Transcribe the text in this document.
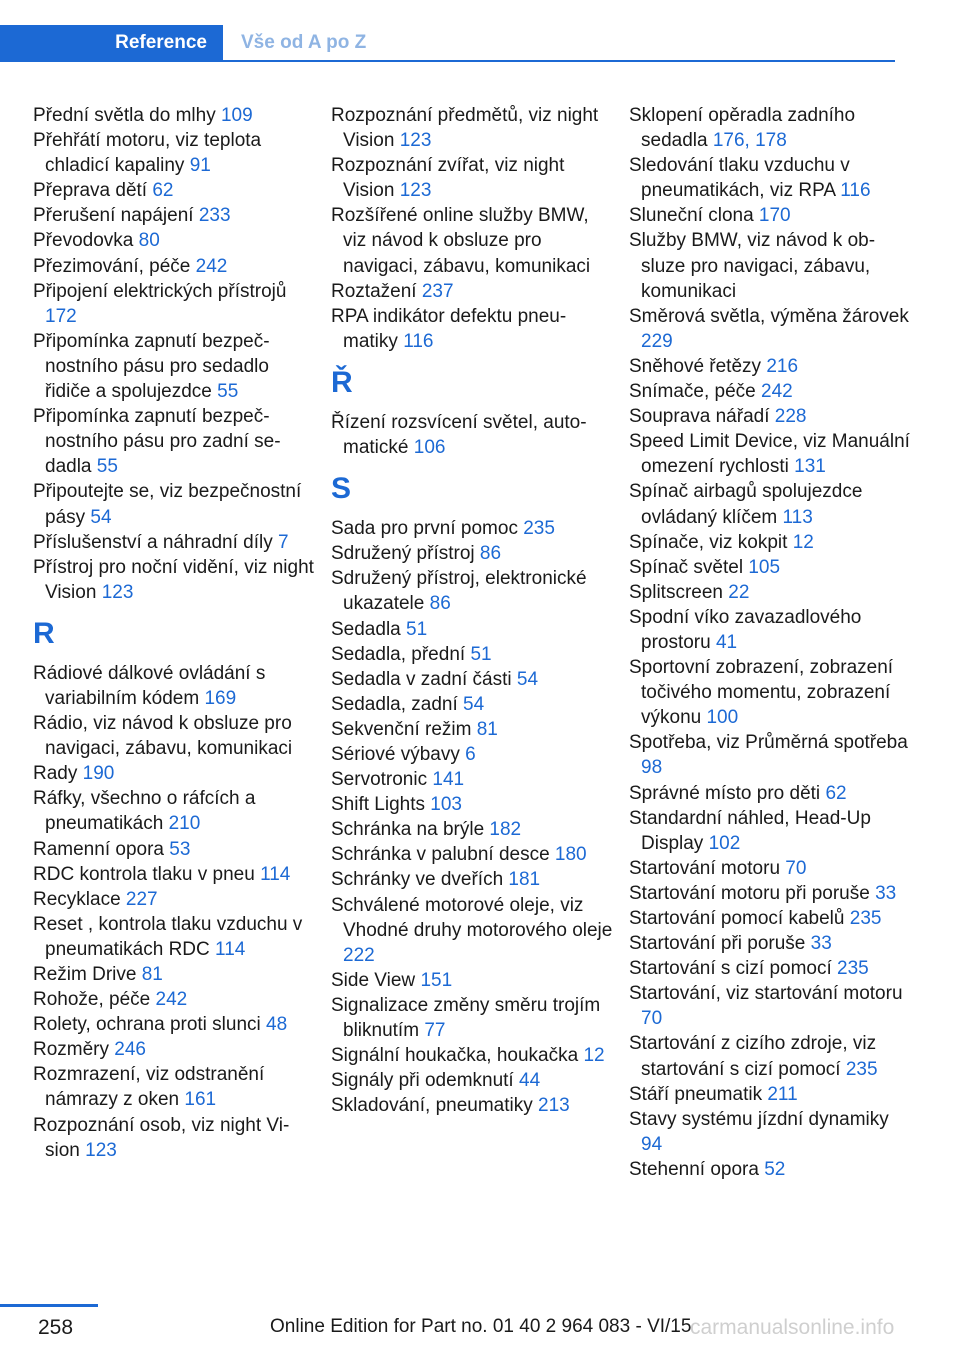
Reference	Vše od A po Z
Přední světla do mlhy 109
Přehřátí motoru, viz teplota chladicí kapaliny 91
Přeprava dětí 62
Přerušení napájení 233
Převodovka 80
Přezimování, péče 242
Připojení elektrických přístrojů 172
Připomínka zapnutí bezpečnostního pásu pro sedadlo řidiče a spolujezdce 55
Připomínka zapnutí bezpečnostního pásu pro zadní sedadla 55
Připoutejte se, viz bezpečnostní pásy 54
Příslušenství a náhradní díly 7
Přístroj pro noční vidění, viz night Vision 123
R
Rádiové dálkové ovládání s variabilním kódem 169
Rádio, viz návod k obsluze pro navigaci, zábavu, komunikaci
Rady 190
Ráfky, všechno o ráfcích a pneumatikách 210
Ramenní opora 53
RDC kontrola tlaku v pneu 114
Recyklace 227
Reset , kontrola tlaku vzduchu v pneumatikách RDC 114
Režim Drive 81
Rohože, péče 242
Rolety, ochrana proti slunci 48
Rozměry 246
Rozmrazení, viz odstranění námrazy z oken 161
Rozpoznání osob, viz night Vision 123
Rozpoznání předmětů, viz night Vision 123
Rozpoznání zvířat, viz night Vision 123
Rozšířené online služby BMW, viz návod k obsluze pro navigaci, zábavu, komunikaci
Roztažení 237
RPA indikátor defektu pneumatiky 116
Ř
Řízení rozsvícení světel, automatické 106
S
Sada pro první pomoc 235
Sdružený přístroj 86
Sdružený přístroj, elektronické ukazatele 86
Sedadla 51
Sedadla, přední 51
Sedadla v zadní části 54
Sedadla, zadní 54
Sekvenční režim 81
Sériové výbavy 6
Servotronic 141
Shift Lights 103
Schránka na brýle 182
Schránka v palubní desce 180
Schránky ve dveřích 181
Schválené motorové oleje, viz Vhodné druhy motorového oleje 222
Side View 151
Signalizace změny směru trojím bliknutím 77
Signální houkačka, houkačka 12
Signály při odemknutí 44
Skladování, pneumatiky 213
Sklopení opěradla zadního sedadla 176, 178
Sledování tlaku vzduchu v pneumatikách, viz RPA 116
Sluneční clona 170
Služby BMW, viz návod k obsluze pro navigaci, zábavu, komunikaci
Směrová světla, výměna žárovek 229
Sněhové řetězy 216
Snímače, péče 242
Souprava nářadí 228
Speed Limit Device, viz Manuální omezení rychlosti 131
Spínač airbagů spolujezdce ovládaný klíčem 113
Spínače, viz kokpit 12
Spínač světel 105
Splitscreen 22
Spodní víko zavazadlového prostoru 41
Sportovní zobrazení, zobrazení točivého momentu, zobrazení výkonu 100
Spotřeba, viz Průměrná spotřeba 98
Správné místo pro děti 62
Standardní náhled, Head-Up Display 102
Startování motoru 70
Startování motoru při poruše 33
Startování pomocí kabelů 235
Startování při poruše 33
Startování s cizí pomocí 235
Startování, viz startování motoru 70
Startování z cizího zdroje, viz startování s cizí pomocí 235
Stáří pneumatik 211
Stavy systému jízdní dynamiky 94
Stehenní opora 52
258	Online Edition for Part no. 01 40 2 964 083 - VI/15
carmanualsonline.info
